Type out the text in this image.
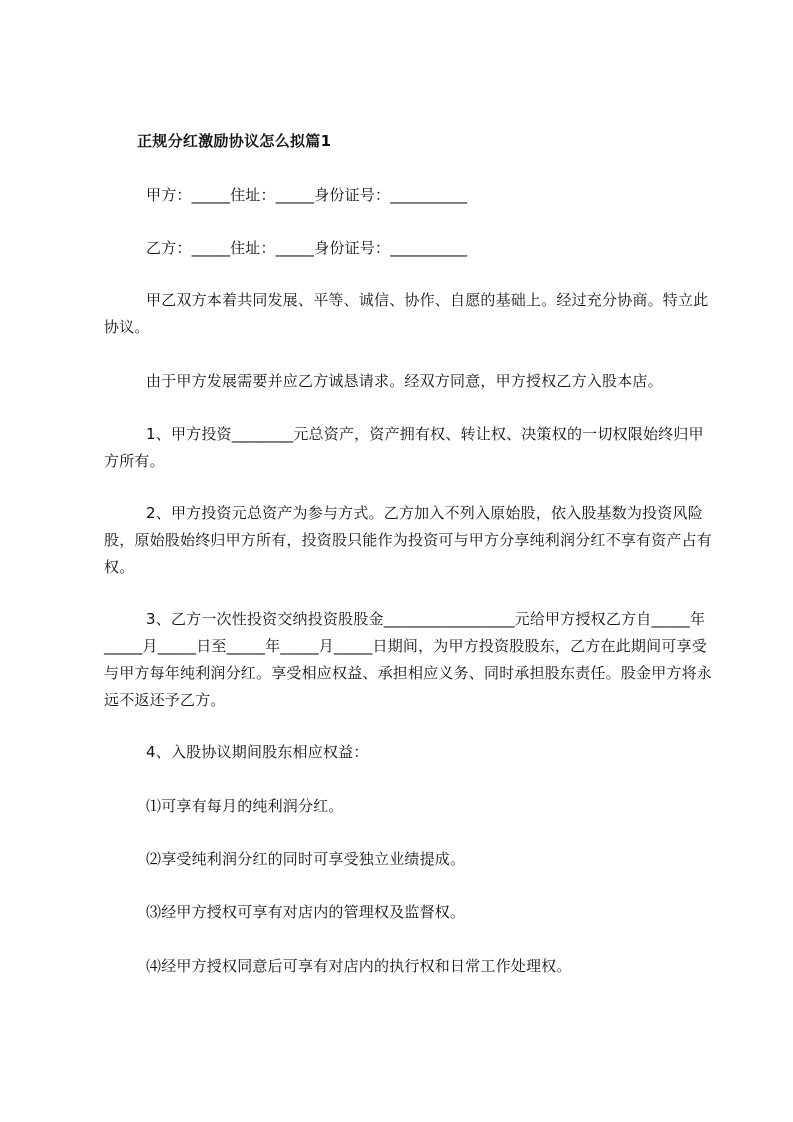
正规分红激励协议怎么拟篇1
甲方：_____住址：_____身份证号：__________
乙方：_____住址：_____身份证号：__________
甲乙双方本着共同发展、平等、诚信、协作、自愿的基础上。经过充分协商。特立此协议。
由于甲方发展需要并应乙方诚恳请求。经双方同意，甲方授权乙方入股本店。
1、甲方投资________元总资产，资产拥有权、转让权、决策权的一切权限始终归甲方所有。
2、甲方投资元总资产为参与方式。乙方加入不列入原始股，依入股基数为投资风险股，原始股始终归甲方所有，投资股只能作为投资可与甲方分享纯利润分红不享有资产占有权。
3、乙方一次性投资交纳投资股股金_________________元给甲方授权乙方自_____年_____月_____日至_____年_____月_____日期间，为甲方投资股股东，乙方在此期间可享受与甲方每年纯利润分红。享受相应权益、承担相应义务、同时承担股东责任。股金甲方将永远不返还予乙方。
4、入股协议期间股东相应权益：
⑴可享有每月的纯利润分红。
⑵享受纯利润分红的同时可享受独立业绩提成。
⑶经甲方授权可享有对店内的管理权及监督权。
⑷经甲方授权同意后可享有对店内的执行权和日常工作处理权。
